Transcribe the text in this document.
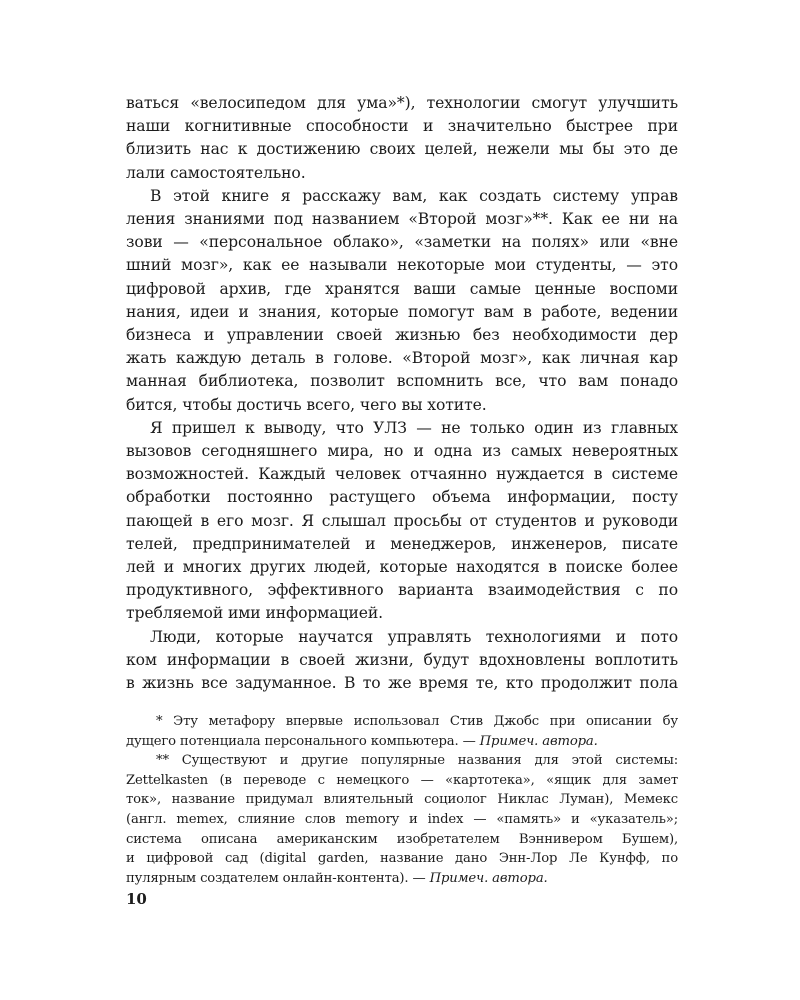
ваться «велосипедом для ума»*), технологии смогут улучшить
наши когнитивные способности и значительно быстрее при
близить нас к достижению своих целей, нежели мы бы это де
лали самостоятельно.
В этой книге я расскажу вам, как создать систему управ
ления знаниями под названием «Второй мозг»**. Как ее ни на
зови — «персональное облако», «заметки на полях» или «вне
шний мозг», как ее называли некоторые мои студенты, — это
цифровой архив, где хранятся ваши самые ценные воспоми
нания, идеи и знания, которые помогут вам в работе, ведении
бизнеса и управлении своей жизнью без необходимости дер
жать каждую деталь в голове. «Второй мозг», как личная кар
манная библиотека, позволит вспомнить все, что вам понадо
бится, чтобы достичь всего, чего вы хотите.
Я пришел к выводу, что УЛЗ — не только один из главных
вызовов сегодняшнего мира, но и одна из самых невероятных
возможностей. Каждый человек отчаянно нуждается в системе
обработки постоянно растущего объема информации, посту
пающей в его мозг. Я слышал просьбы от студентов и руководи
телей, предпринимателей и менеджеров, инженеров, писате
лей и многих других людей, которые находятся в поиске более
продуктивного, эффективного варианта взаимодействия с по
требляемой ими информацией.
Люди, которые научатся управлять технологиями и пото
ком информации в своей жизни, будут вдохновлены воплотить
в жизнь все задуманное. В то же время те, кто продолжит пола
* Эту метафору впервые использовал Стив Джобс при описании бу
дущего потенциала персонального компьютера. — Примеч. автора.
** Существуют и другие популярные названия для этой системы:
Zettelkasten (в переводе с немецкого — «картотека», «ящик для замет
ток», название придумал влиятельный социолог Никлас Луман), Мемекс
(англ. memex, слияние слов memory и index — «память» и «указатель»;
система описана американским изобретателем Вэннивером Бушем),
и цифровой сад (digital garden, название дано Энн-Лор Ле Кунфф, по
пулярным создателем онлайн-контента). — Примеч. автора.
10
